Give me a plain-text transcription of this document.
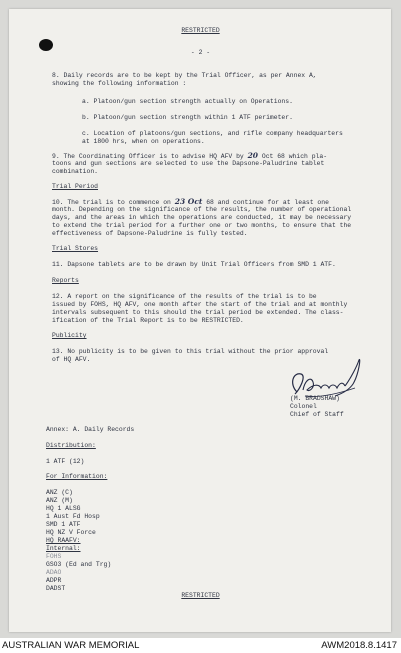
RESTRICTED
- 2 -
8. Daily records are to be kept by the Trial Officer, as per Annex A,
showing the following information :
a. Platoon/gun section strength actually on Operations.
b. Platoon/gun section strength within 1 ATF perimeter.
c. Location of platoons/gun sections, and rifle company headquarters
at 1800 hrs, when on operations.
9. The Coordinating Officer is to advise HQ AFV by 20 Oct 68 which pla-
toons and gun sections are selected to use the Dapsone-Paludrine tablet
combination.
Trial Period
10. The trial is to commence on 23 Oct 68 and continue for at least one
month. Depending on the significance of the results, the number of operational
days, and the areas in which the operations are conducted, it may be necessary
to extend the trial period for a further one or two months, to ensure that the
effectiveness of Dapsone-Paludrine is fully tested.
Trial Stores
11. Dapsone tablets are to be drawn by Unit Trial Officers from SMD 1 ATF.
Reports
12. A report on the significance of the results of the trial is to be
issued by FOHS, HQ AFV, one month after the start of the trial and at monthly
intervals subsequent to this should the trial period be extended. The class-
ification of the Trial Report is to be RESTRICTED.
Publicity
13. No publicity is to be given to this trial without the prior approval
of HQ AFV.
(M. BRADSHAW)
Colonel
Chief of Staff
Annex: A. Daily Records
Distribution:
1 ATF (12)
For Information:
ANZ (C)
ANZ (M)
HQ 1 ALSG
1 Aust Fd Hosp
SMD 1 ATF
HQ NZ V Force
HQ RAAFV:
Internal:
FOHS
GSO3 (Ed and Trg)
ADAO
ADPR
DADST
RESTRICTED
AUSTRALIAN WAR MEMORIAL	AWM2018.8.1417
